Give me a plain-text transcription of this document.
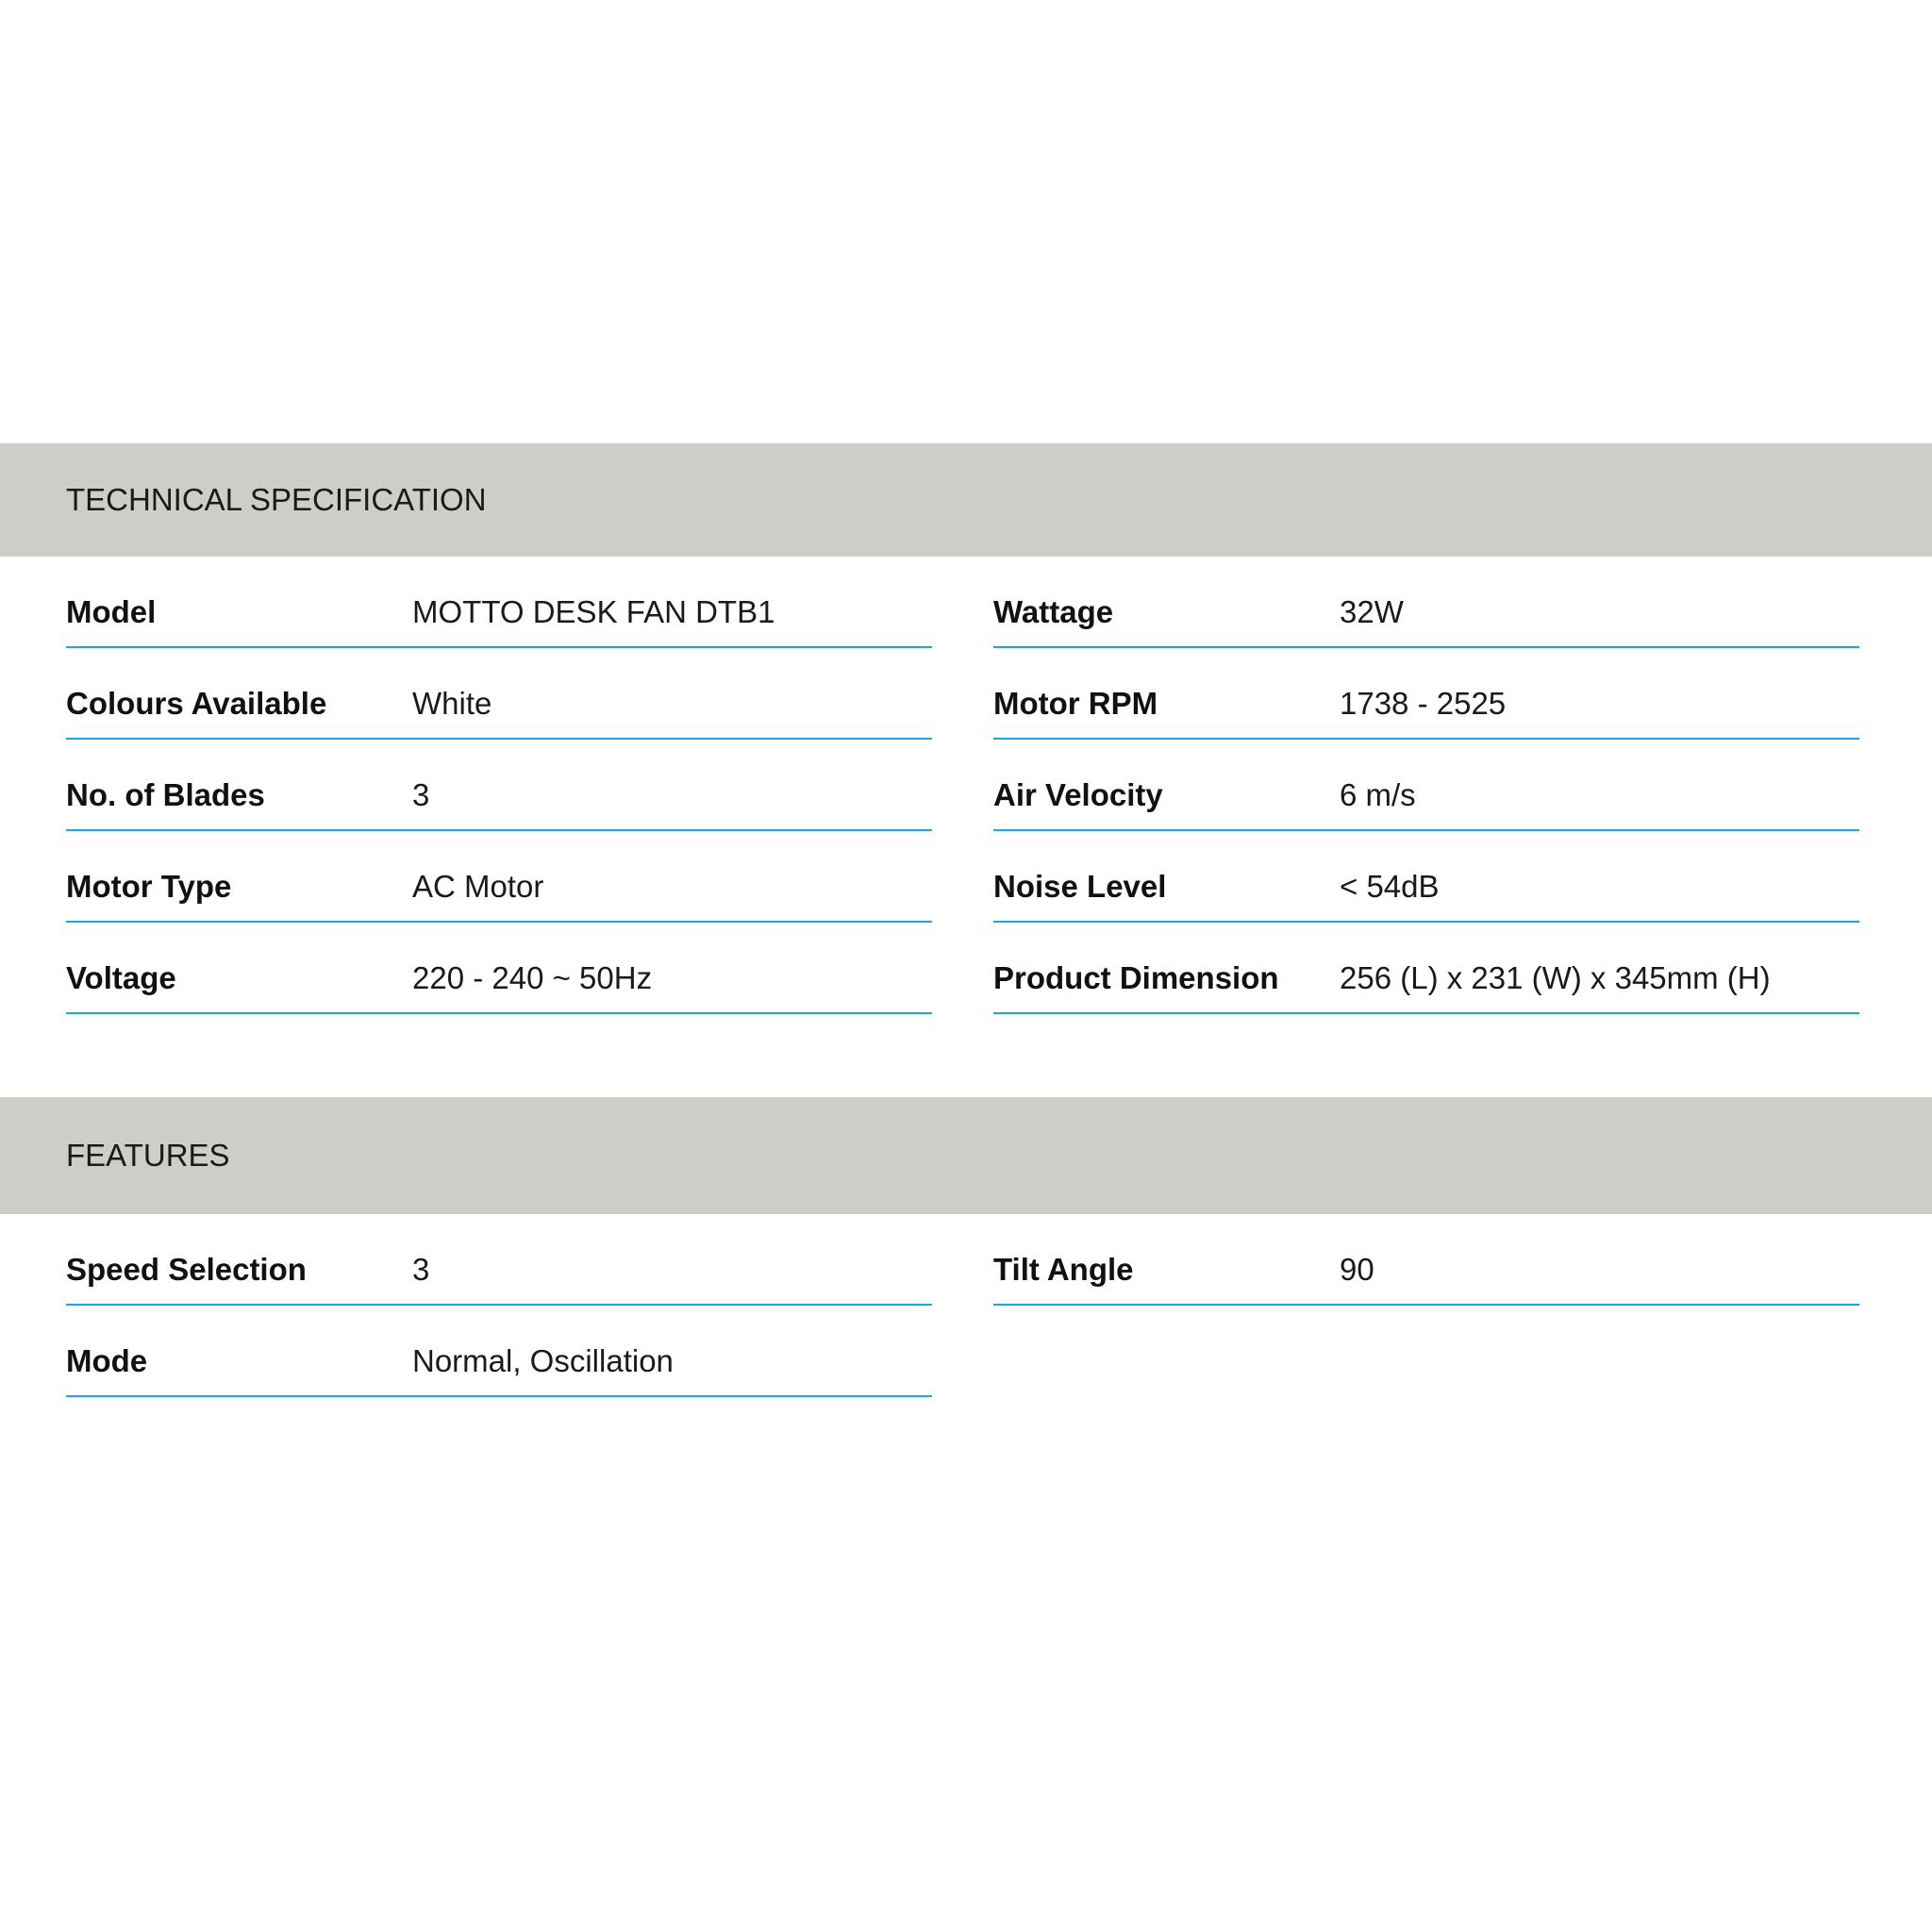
TECHNICAL SPECIFICATION
Model	MOTTO DESK FAN DTB1
Colours Available	White
No. of Blades	3
Motor Type	AC Motor
Voltage	220 - 240 ~ 50Hz
Wattage	32W
Motor RPM	1738 - 2525
Air Velocity	6 m/s
Noise Level	< 54dB
Product Dimension 256 (L) x 231 (W) x 345mm (H)
FEATURES
Speed Selection	3
Mode	Normal, Oscillation
Tilt Angle	90
